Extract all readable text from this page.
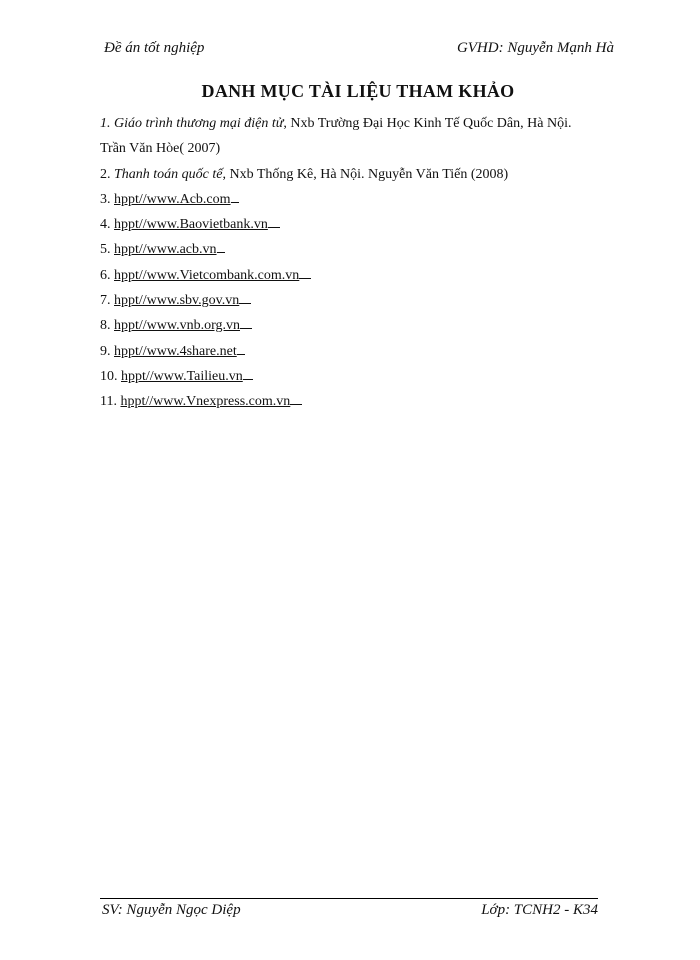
Đề án tốt nghiệp	GVHD: Nguyễn Mạnh Hà
DANH MỤC TÀI LIỆU THAM KHẢO
1. Giáo trình thương mại điện tử, Nxb Trường Đại Học Kinh Tế Quốc Dân, Hà Nội.
Trần Văn Hòe( 2007)
2. Thanh toán quốc tế, Nxb Thống Kê, Hà Nội. Nguyễn Văn Tiến (2008)
3. hppt//www.Acb.com
4. hppt//www.Baovietbank.vn
5. hppt//www.acb.vn
6. hppt//www.Vietcombank.com.vn
7. hppt//www.sbv.gov.vn
8. hppt//www.vnb.org.vn
9. hppt//www.4share.net
10. hppt//www.Tailieu.vn
11. hppt//www.Vnexpress.com.vn
SV: Nguyễn Ngọc Diệp	Lớp: TCNH2 - K34
